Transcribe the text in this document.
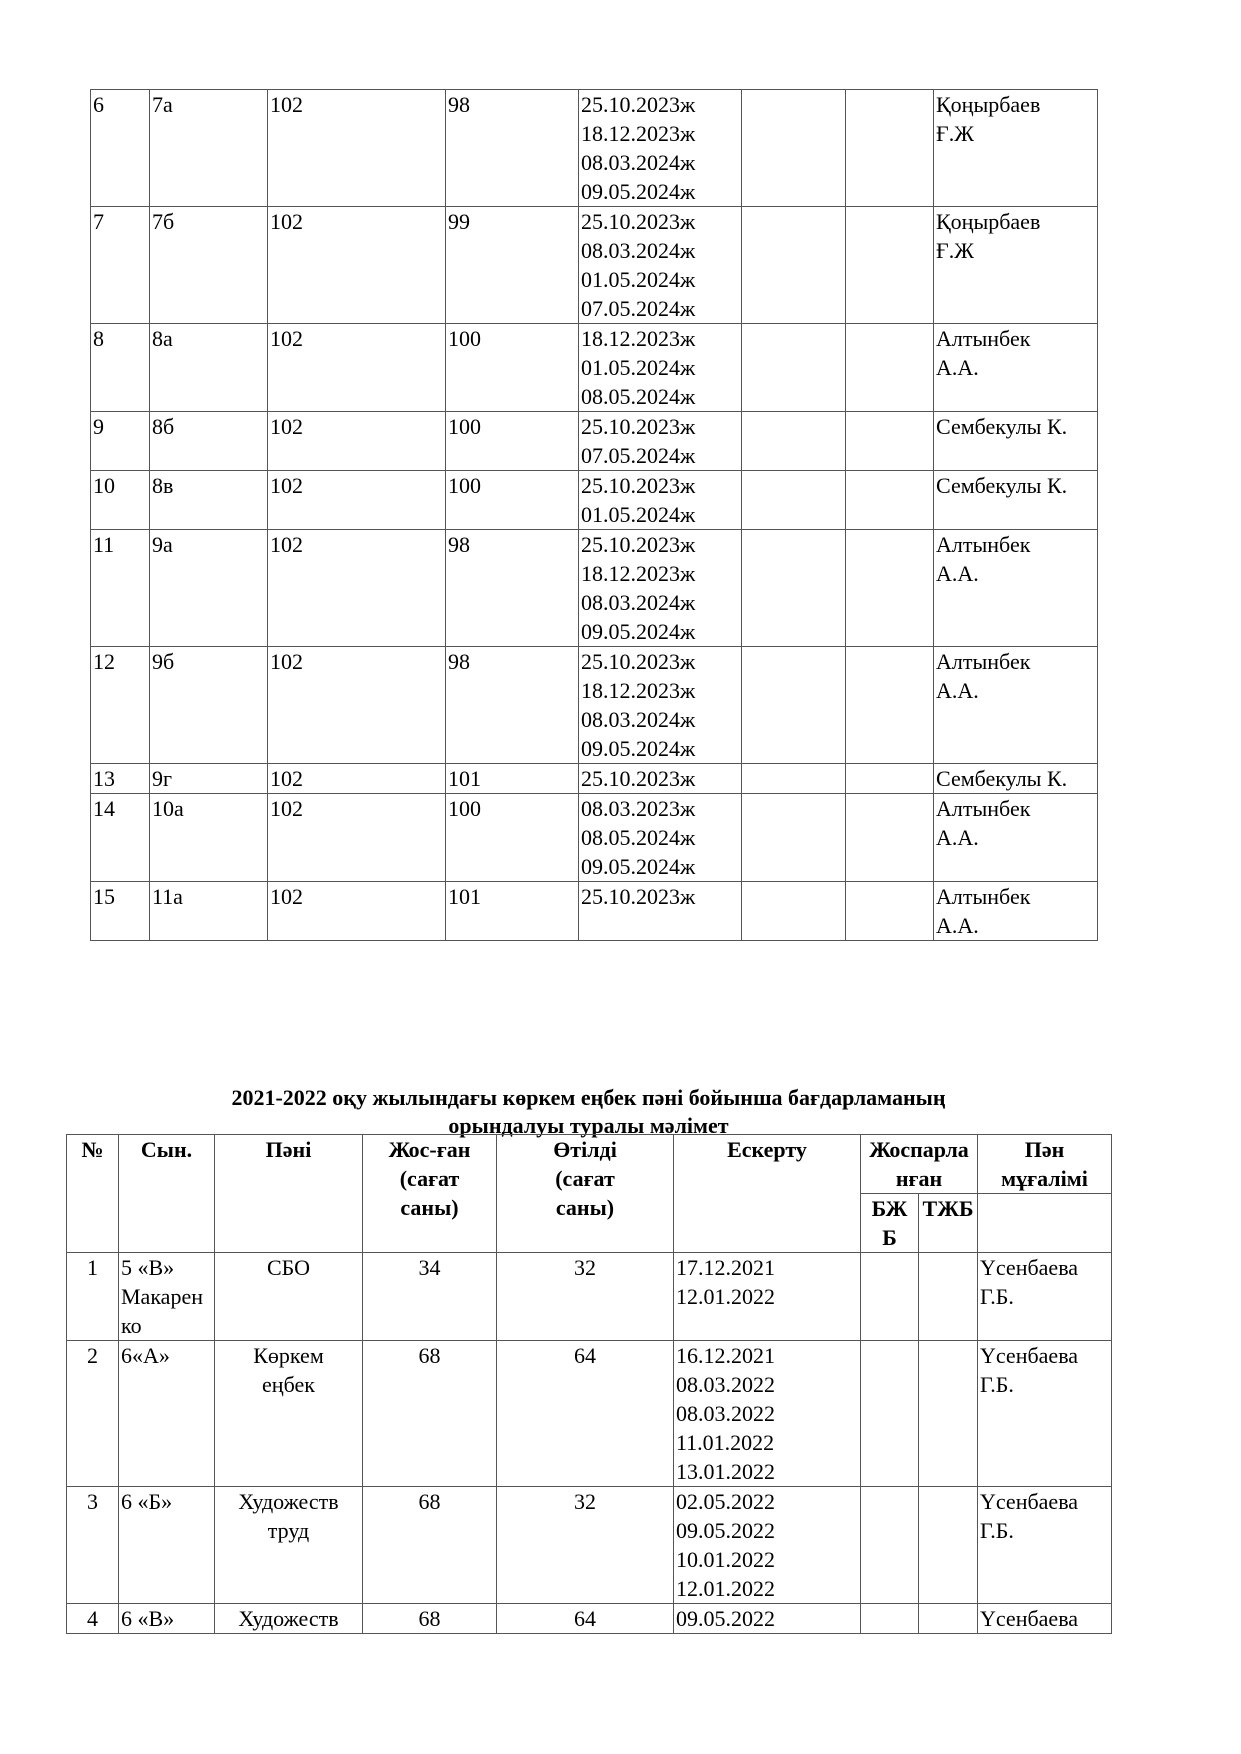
6	7а	102	98	25.10.2023ж
18.12.2023ж
08.03.2024ж
09.05.2024ж			Қоңырбаев
Ғ.Ж
7	7б	102	99	25.10.2023ж
08.03.2024ж
01.05.2024ж
07.05.2024ж			Қоңырбаев
Ғ.Ж
8	8а	102	100	18.12.2023ж
01.05.2024ж
08.05.2024ж			Алтынбек
А.А.
9	8б	102	100	25.10.2023ж
07.05.2024ж			Сембекулы К.
10	8в	102	100	25.10.2023ж
01.05.2024ж			Сембекулы К.
11	9а	102	98	25.10.2023ж
18.12.2023ж
08.03.2024ж
09.05.2024ж			Алтынбек
А.А.
12	9б	102	98	25.10.2023ж
18.12.2023ж
08.03.2024ж
09.05.2024ж			Алтынбек
А.А.
13	9г	102	101	25.10.2023ж			Сембекулы К.
14	10а	102	100	08.03.2023ж
08.05.2024ж
09.05.2024ж			Алтынбек
А.А.
15	11а	102	101	25.10.2023ж			Алтынбек
А.А.
2021-2022 оқу жылындағы көркем еңбек пәні бойынша бағдарламаның
орындалуы туралы мәлімет
№	Сын.	Пәні	Жос-ған
(сағат
саны)	Өтілді
(сағат
саны)	Ескерту	Жоспарла
нған		Пән
мұғалімі
						БЖ
Б	ТЖБ	
1	5 «В»
Макарен
ко	СБО	34	32	17.12.2021
12.01.2022			Үсенбаева
Г.Б.
2	6«А»	Көркем
еңбек	68	64	16.12.2021
08.03.2022
08.03.2022
11.01.2022
13.01.2022			Үсенбаева
Г.Б.
3	6 «Б»	Художеств
труд	68	32	02.05.2022
09.05.2022
10.01.2022
12.01.2022			Үсенбаева
Г.Б.
4	6 «В»	Художеств	68	64	09.05.2022			Үсенбаева
